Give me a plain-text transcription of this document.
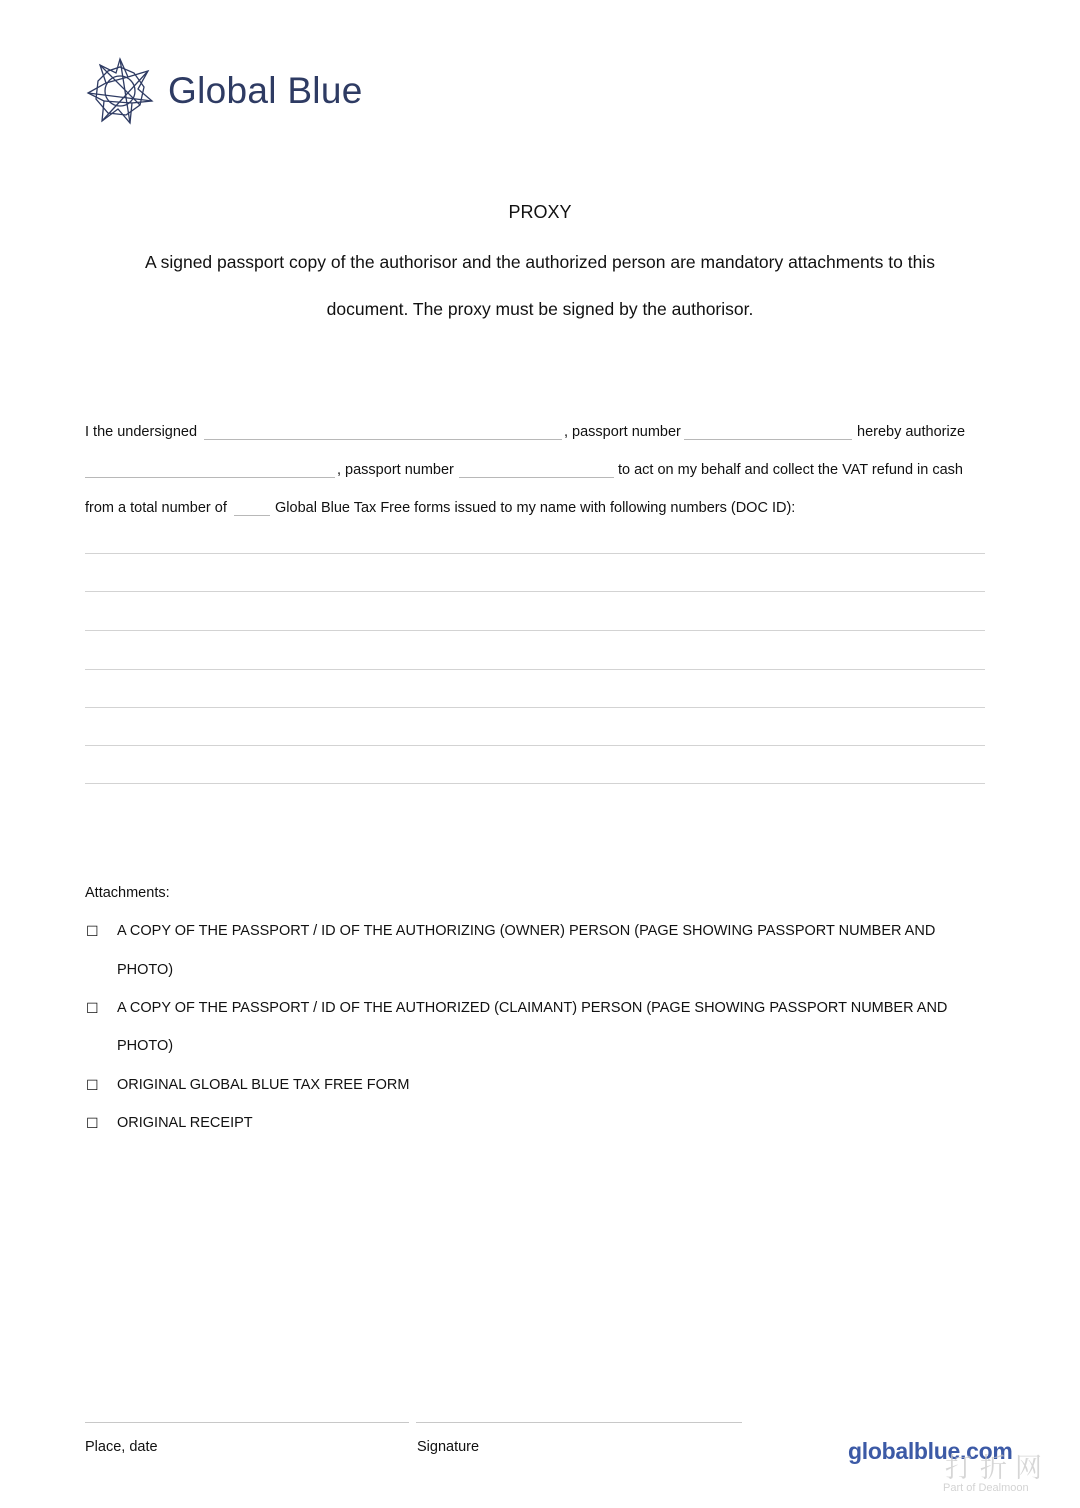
Global Blue
PROXY
A signed passport copy of the authorisor and the authorized person are mandatory attachments to this
document. The proxy must be signed by the authorisor.
I the undersigned	, passport number	hereby authorize
, passport number	to act on my behalf and collect the VAT refund in cash
from a total number of	Global Blue Tax Free forms issued to my name with following numbers (DOC ID):
Attachments:
☐ A COPY OF THE PASSPORT / ID OF THE AUTHORIZING (OWNER) PERSON (PAGE SHOWING PASSPORT NUMBER AND
PHOTO)
☐ A COPY OF THE PASSPORT / ID OF THE AUTHORIZED (CLAIMANT) PERSON (PAGE SHOWING PASSPORT NUMBER AND
PHOTO)
☐ ORIGINAL GLOBAL BLUE TAX FREE FORM
☐ ORIGINAL RECEIPT
Place, date	Signature	globalblue.com
打折网
Part of Dealmoon
